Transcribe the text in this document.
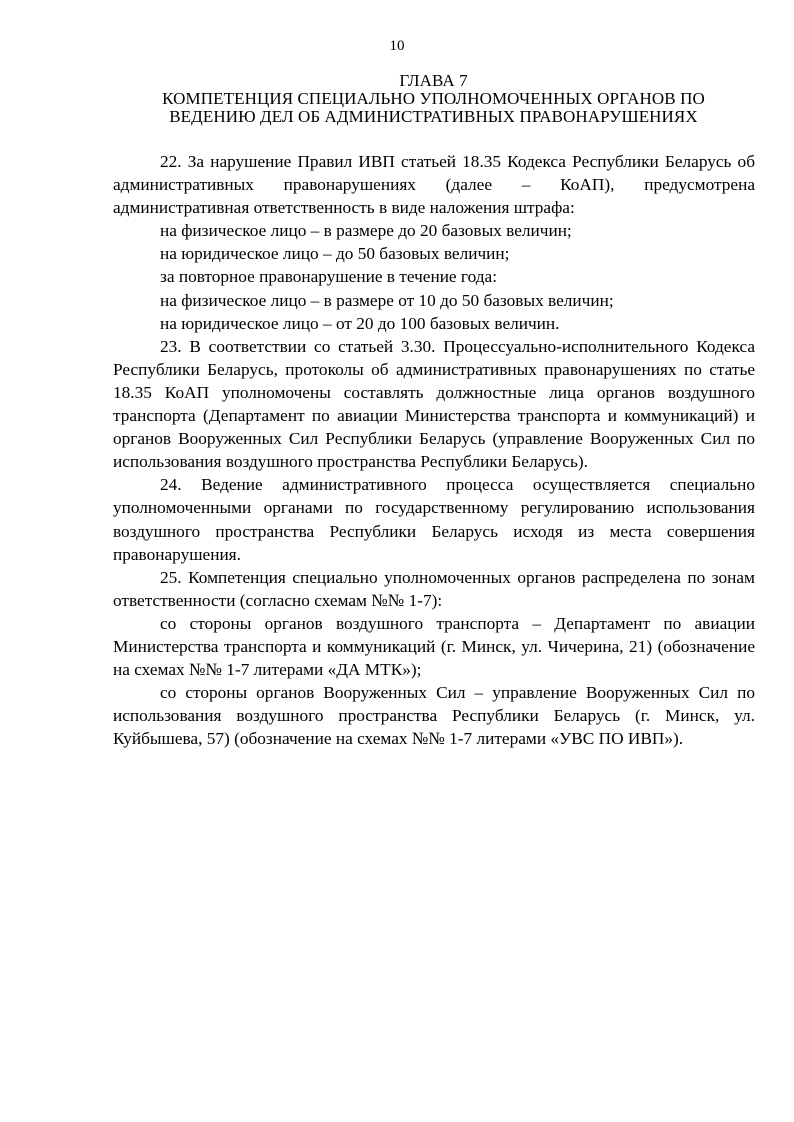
10
ГЛАВА 7
КОМПЕТЕНЦИЯ СПЕЦИАЛЬНО УПОЛНОМОЧЕННЫХ ОРГАНОВ ПО
ВЕДЕНИЮ ДЕЛ ОБ АДМИНИСТРАТИВНЫХ ПРАВОНАРУШЕНИЯХ

22. За нарушение Правил ИВП статьей 18.35 Кодекса Республики Беларусь об административных правонарушениях (далее – КоАП), предусмотрена административная ответственность в виде наложения штрафа:

на физическое лицо – в размере до 20 базовых величин;

на юридическое лицо – до 50 базовых величин;

за повторное правонарушение в течение года:

на физическое лицо – в размере от 10 до 50 базовых величин;

на юридическое лицо – от 20 до 100 базовых величин.

23. В соответствии со статьей 3.30. Процессуально-исполнительного Кодекса Республики Беларусь, протоколы об административных правонарушениях по статье 18.35 КоАП уполномочены составлять должностные лица органов воздушного транспорта (Департамент по авиации Министерства транспорта и коммуникаций) и органов Вооруженных Сил Республики Беларусь (управление Вооруженных Сил по использования воздушного пространства Республики Беларусь).

24. Ведение административного процесса осуществляется специально уполномоченными органами по государственному регулированию использования воздушного пространства Республики Беларусь исходя из места совершения правонарушения.

25. Компетенция специально уполномоченных органов распределена по зонам ответственности (согласно схемам №№ 1-7):

со стороны органов воздушного транспорта – Департамент по авиации Министерства транспорта и коммуникаций (г. Минск, ул. Чичерина, 21) (обозначение на схемах №№ 1-7 литерами «ДА МТК»);

со стороны органов Вооруженных Сил – управление Вооруженных Сил по использования воздушного пространства Республики Беларусь (г. Минск, ул. Куйбышева, 57) (обозначение на схемах №№ 1-7 литерами «УВС ПО ИВП»).
